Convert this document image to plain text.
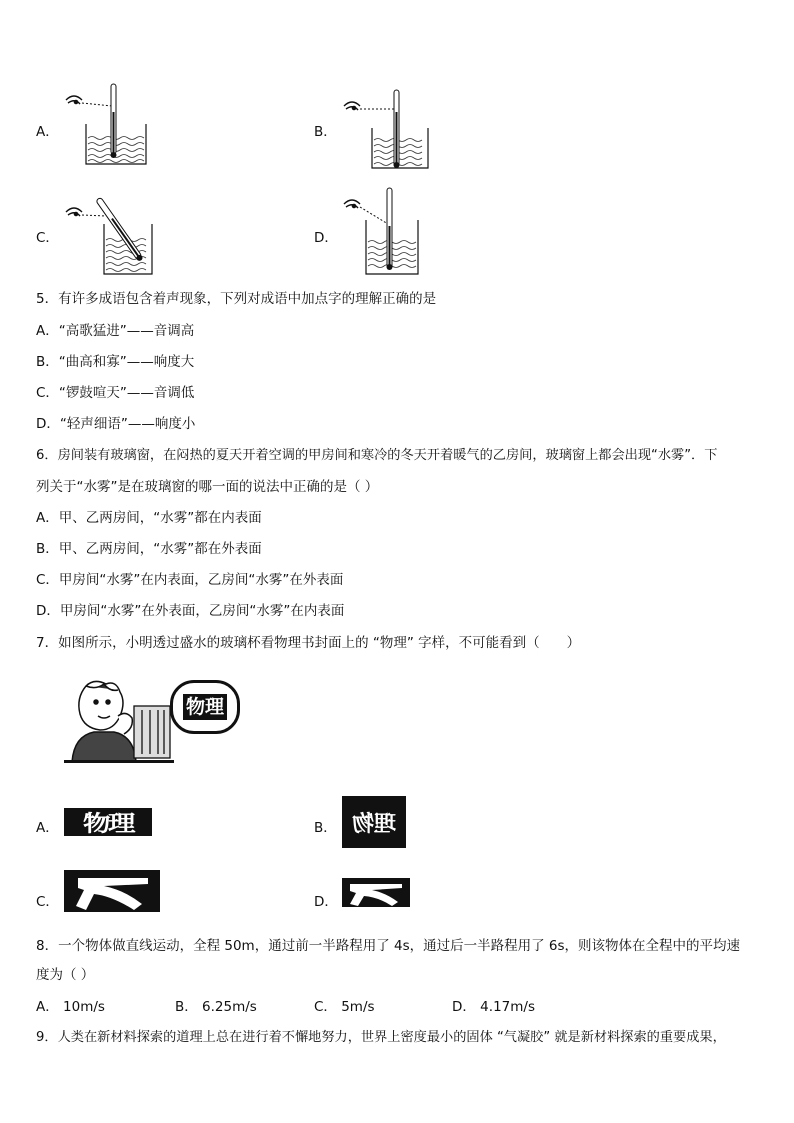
A．	B．
C．	D．
5．有许多成语包含着声现象，下列对成语中加点字的理解正确的是
A．“高歌猛进”——音调高
B．“曲高和寡”——响度大
C．“锣鼓喧天”——音调低
D．“轻声细语”——响度小
6．房间装有玻璃窗，在闷热的夏天开着空调的甲房间和寒冷的冬天开着暖气的乙房间，玻璃窗上都会出现“水雾”．下
列关于“水雾”是在玻璃窗的哪一面的说法中正确的是（ ）
A．甲、乙两房间，“水雾”都在内表面
B．甲、乙两房间，“水雾”都在外表面
C．甲房间“水雾”在内表面，乙房间“水雾”在外表面
D．甲房间“水雾”在外表面，乙房间“水雾”在内表面
7．如图所示，小明透过盛水的玻璃杯看物理书封面上的 “物理” 字样，不可能看到（　　）
物理
A． 物理	B． 理物
C．	D．
8．一个物体做直线运动，全程 50m，通过前一半路程用了 4s，通过后一半路程用了 6s，则该物体在全程中的平均速
度为（ ）
A． 10m/s	B． 6.25m/s	C． 5m/s	D． 4.17m/s
9．人类在新材料探索的道理上总在进行着不懈地努力，世界上密度最小的固体 “气凝胶” 就是新材料探索的重要成果，
